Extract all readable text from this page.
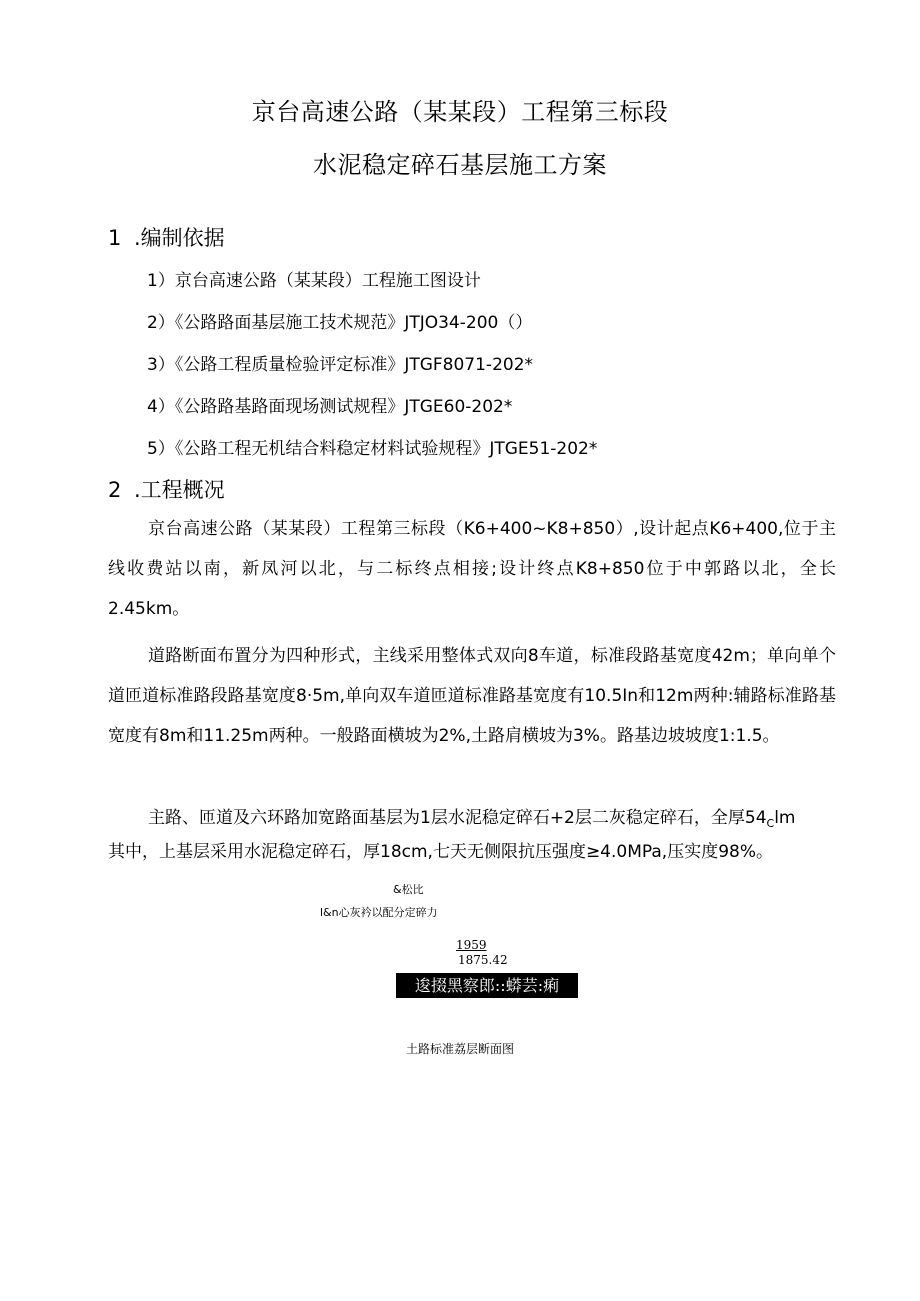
京台高速公路（某某段）工程第三标段
水泥稳定碎石基层施工方案
1 .编制依据
1）京台高速公路（某某段）工程施工图设计
2）《公路路面基层施工技术规范》JTJO34-200（）
3）《公路工程质量检验评定标准》JTGF8071-202*
4）《公路路基路面现场测试规程》JTGE60-202*
5）《公路工程无机结合料稳定材料试验规程》JTGE51-202*
2 .工程概况

京台高速公路（某某段）工程第三标段（K6+400~K8+850）,设计起点K6+400,位于主线收费站以南，新凤河以北，与二标终点相接;设计终点K8+850位于中郭路以北，全长2.45km。

道路断面布置分为四种形式，主线采用整体式双向8车道，标准段路基宽度42m；单向单个道匝道标准路段路基宽度8·5m,单向双车道匝道标准路基宽度有10.5In和12m两种:辅路标准路基宽度有8m和11.25m两种。一般路面横坡为2%,土路肩横坡为3%。路基边坡坡度1:1.5。

主路、匝道及六环路加宽路面基层为1层水泥稳定碎石+2层二灰稳定碎石，全厚$54_Clm$
其中，上基层采用水泥稳定碎石，厚18cm,七天无侧限抗压强度≥4.0MPa,压实度98%。

&松比
l&n心灰衿以配分定碎力
1959
1875.42
逡掇黑察郎::蟒芸:痢
土路标准荔层断面图
